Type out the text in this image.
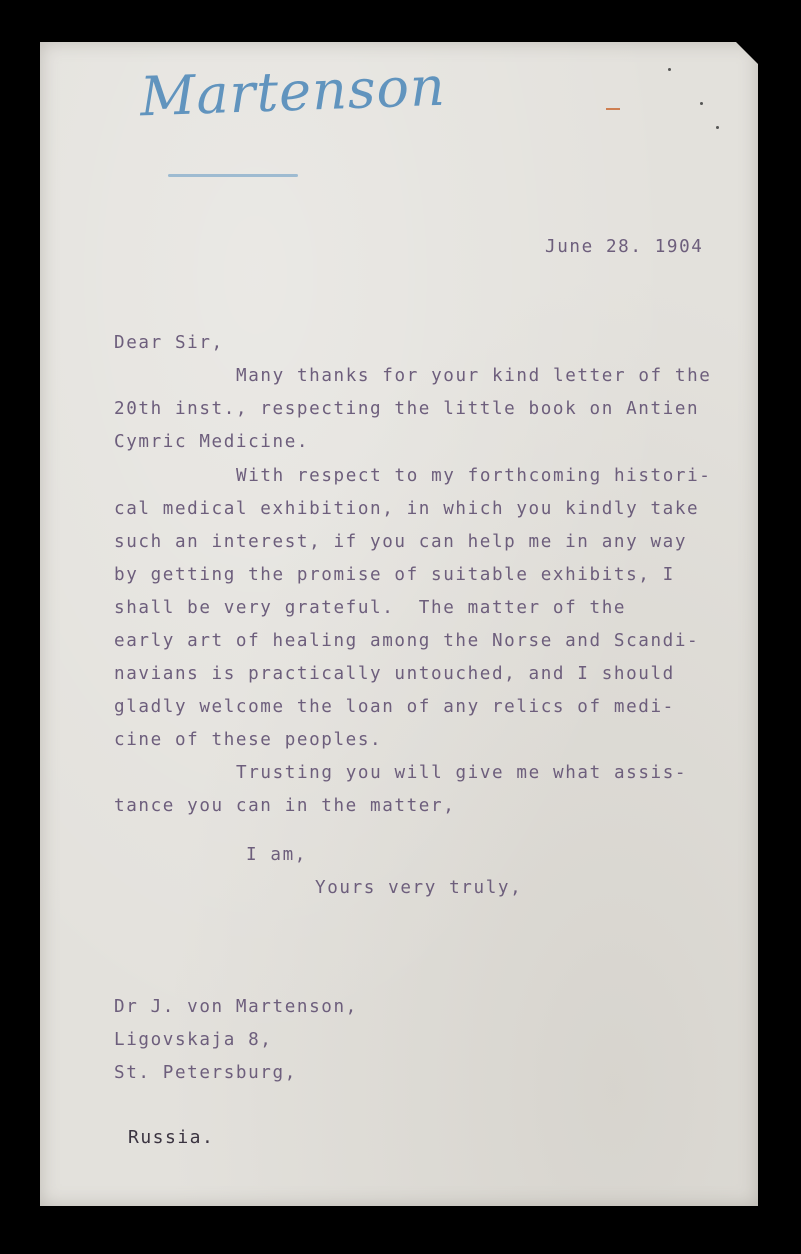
Martenson
June 28. 1904
Dear Sir,
Many thanks for your kind letter of the
20th inst., respecting the little book on Antien
Cymric Medicine.
With respect to my forthcoming histori-
cal medical exhibition, in which you kindly take
such an interest, if you can help me in any way
by getting the promise of suitable exhibits, I
shall be very grateful.  The matter of the
early art of healing among the Norse and Scandi-
navians is practically untouched, and I should
gladly welcome the loan of any relics of medi-
cine of these peoples.
Trusting you will give me what assis-
tance you can in the matter,
I am,
Yours very truly,
Dr J. von Martenson,
Ligovskaja 8,
St. Petersburg,
Russia.
